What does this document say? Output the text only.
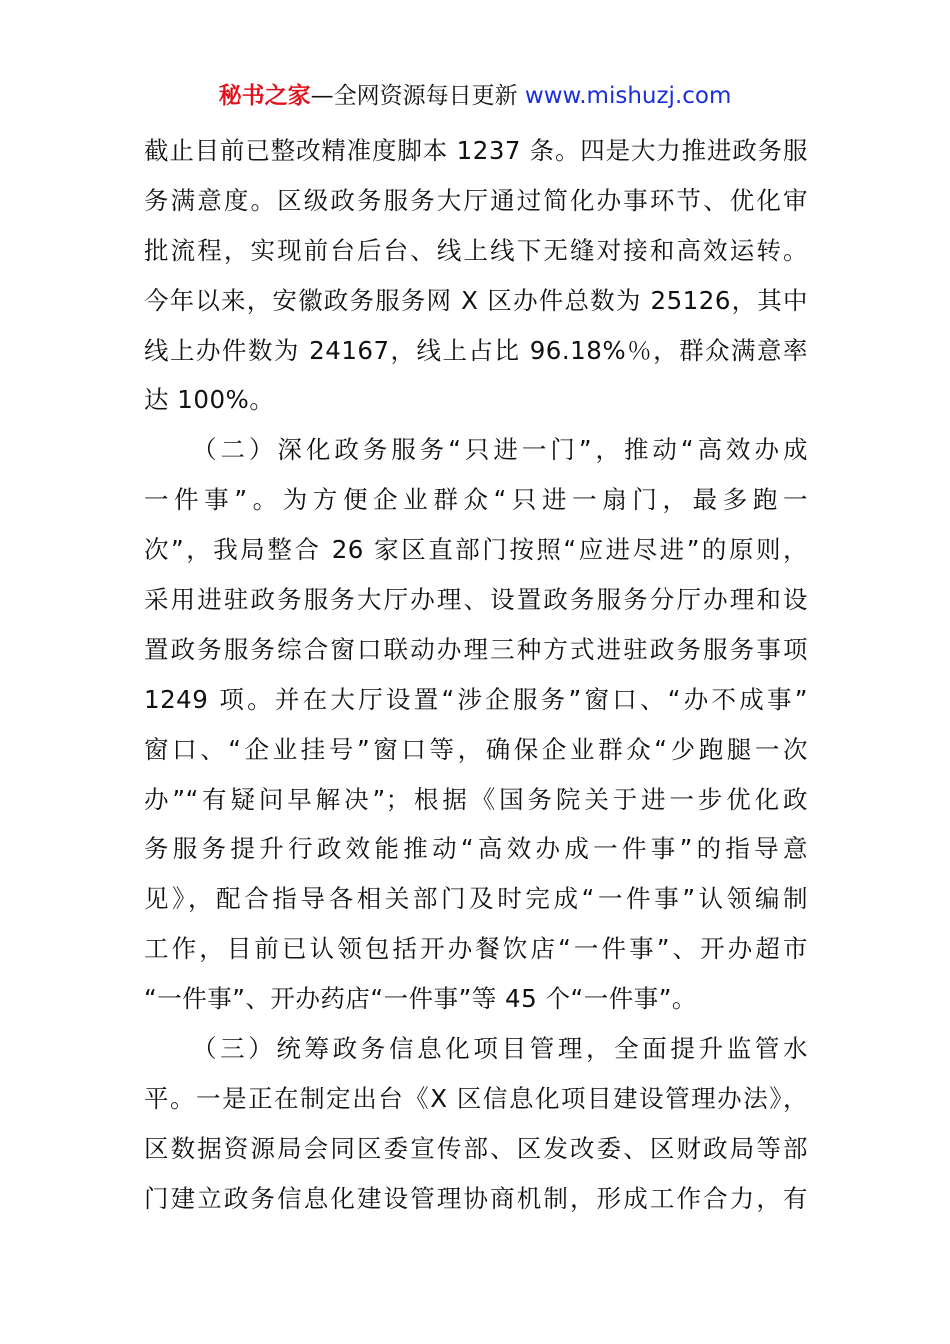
秘书之家—全网资源每日更新 www.mishuzj.com
截止目前已整改精准度脚本 1237 条。四是大力推进政务服
务满意度。区级政务服务大厅通过简化办事环节、优化审
批流程，实现前台后台、线上线下无缝对接和高效运转。
今年以来，安徽政务服务网 X 区办件总数为 25126，其中
线上办件数为 24167，线上占比 96.18%％，群众满意率
达 100%。
（二）深化政务服务“只进一门”，推动“高效办成
一件事”。为方便企业群众“只进一扇门，最多跑一
次”，我局整合 26 家区直部门按照“应进尽进”的原则，
采用进驻政务服务大厅办理、设置政务服务分厅办理和设
置政务服务综合窗口联动办理三种方式进驻政务服务事项
1249 项。并在大厅设置“涉企服务”窗口、“办不成事”
窗口、“企业挂号”窗口等，确保企业群众“少跑腿一次
办”“有疑问早解决”；根据《国务院关于进一步优化政
务服务提升行政效能推动“高效办成一件事”的指导意
见》，配合指导各相关部门及时完成“一件事”认领编制
工作，目前已认领包括开办餐饮店“一件事”、开办超市
“一件事”、开办药店“一件事”等 45 个“一件事”。
（三）统筹政务信息化项目管理，全面提升监管水
平。一是正在制定出台《X 区信息化项目建设管理办法》，
区数据资源局会同区委宣传部、区发改委、区财政局等部
门建立政务信息化建设管理协商机制，形成工作合力，有
